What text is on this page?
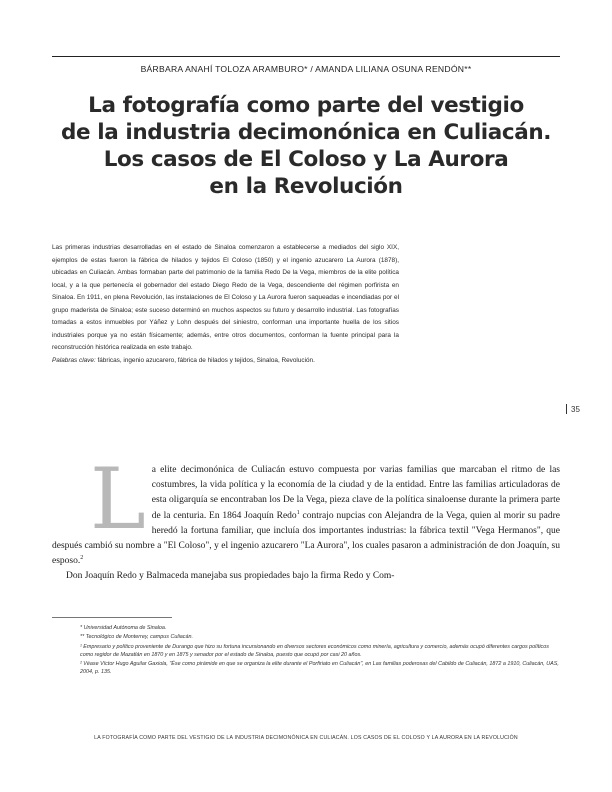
BÁRBARA ANAHÍ TOLOZA ARAMBURO* / AMANDA LILIANA OSUNA RENDÓN**
La fotografía como parte del vestigio
de la industria decimonónica en Culiacán.
Los casos de El Coloso y La Aurora
en la Revolución

Las primeras industrias desarrolladas en el estado de Sinaloa comenzaron a establecerse a mediados del siglo XIX, ejemplos de estas fueron la fábrica de hilados y tejidos El Coloso (1850) y el ingenio azucarero La Aurora (1878), ubicadas en Culiacán. Ambas formaban parte del patrimonio de la familia Redo De la Vega, miembros de la elite política local, y a la que pertenecía el gobernador del estado Diego Redo de la Vega, descendiente del régimen porfirista en Sinaloa. En 1911, en plena Revolución, las instalaciones de El Coloso y La Aurora fueron saqueadas e incendiadas por el grupo maderista de Sinaloa; este suceso determinó en muchos aspectos su futuro y desarrollo industrial. Las fotografías tomadas a estos inmuebles por Yáñez y Lohn después del siniestro, conforman una importante huella de los sitios industriales porque ya no están físicamente; además, entre otros documentos, conforman la fuente principal para la reconstrucción histórica realizada en este trabajo.

Palabras clave: fábricas, ingenio azucarero, fábrica de hilados y tejidos, Sinaloa, Revolución.

35
L a elite decimonónica de Culiacán estuvo compuesta por varias familias que marcaban el ritmo de las costumbres, la vida política y la economía de la ciudad y de la entidad. Entre las familias articuladoras de esta oligarquía se encontraban los De la Vega, pieza clave de la política sinaloense durante la primera parte de la centuria. En 1864 Joaquín Redo$^1$ contrajo nupcias con Alejandra de la Vega, quien al morir su padre heredó la fortuna familiar, que incluía dos importantes industrias: la fábrica textil "Vega Hermanos", que después cambió su nombre a "El Coloso", y el ingenio azucarero "La Aurora", los cuales pasaron a administración de don Joaquín, su esposo.$^2$

Don Joaquín Redo y Balmaceda manejaba sus propiedades bajo la firma Redo y Com-

* Universidad Autónoma de Sinaloa.

** Tecnológico de Monterrey, campus Culiacán.

¹ Empresario y político proveniente de Durango que hizo su fortuna incursionando en diversos sectores económicos como minería, agricultura y comercio, además ocupó diferentes cargos políticos como regidor de Mazatlán en 1870 y en 1875 y senador por el estado de Sinaloa, puesto que ocupó por casi 20 años.

² Véase Víctor Hugo Aguilar Gaxiola, "Ése como pirámide en que se organiza la elite durante el Porfiriato en Culiacán", en Las familias poderosas del Cabildo de Culiacán, 1872 a 1910, Culiacán, UAS, 2004, p. 135.

LA FOTOGRAFÍA COMO PARTE DEL VESTIGIO DE LA INDUSTRIA DECIMONÓNICA EN CULIACÁN. LOS CASOS DE EL COLOSO Y LA AURORA EN LA REVOLUCIÓN
